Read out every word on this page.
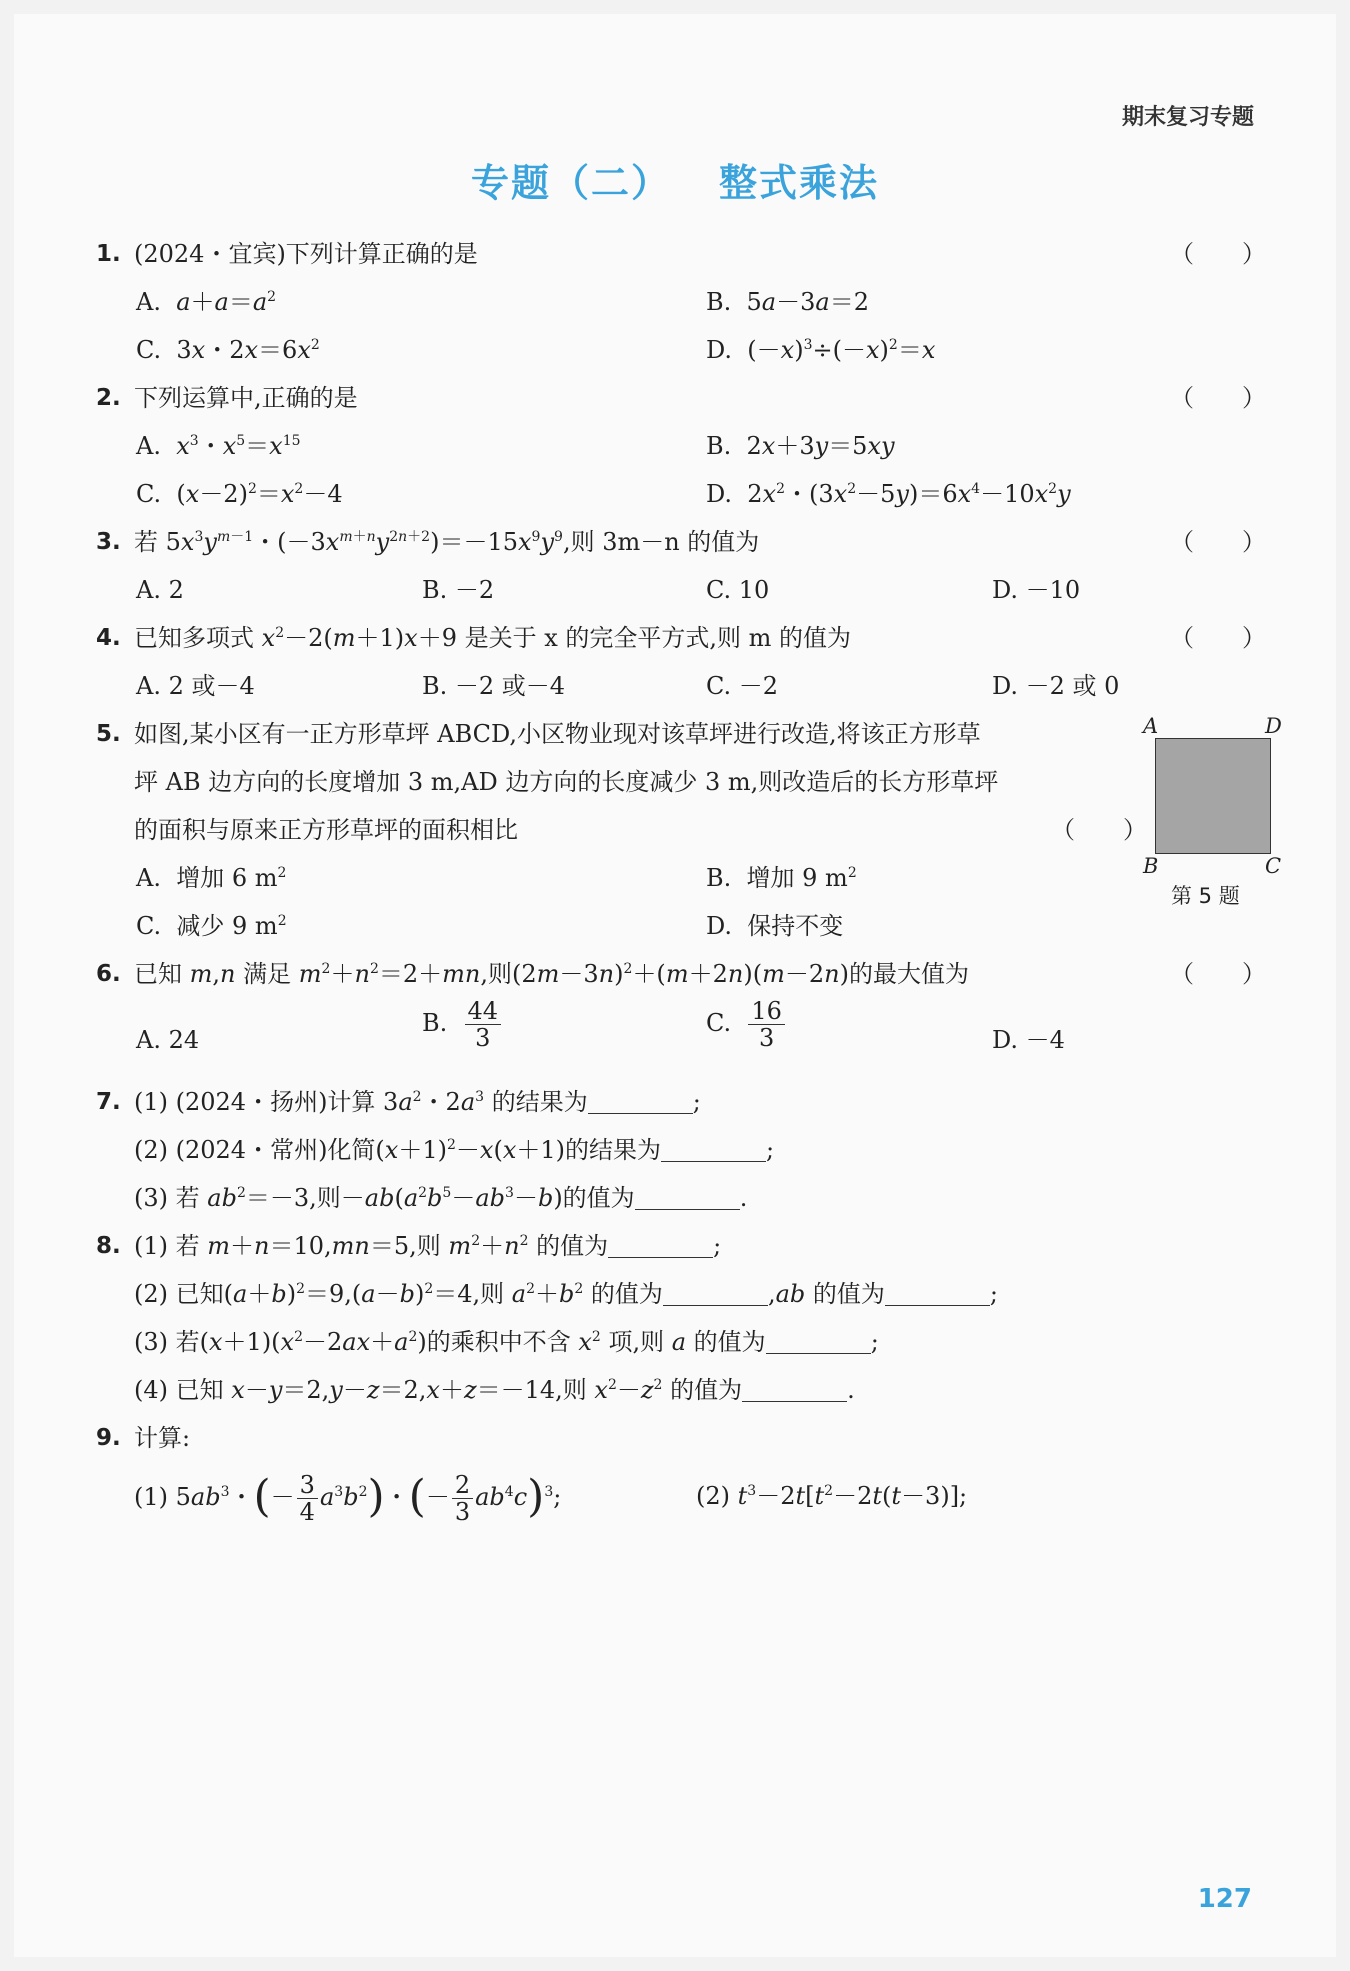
期末复习专题
专题（二） 整式乘法
1. (2024・宜宾)下列计算正确的是	（　　）
A.  $a+a=a^2$	B.  5a－3a＝2
C.  3x・$2x=6x^2$	D.  $(-x)^3\div(-x)^2=x$
2. 下列运算中,正确的是	（　　）
A.  $x^3$・$x^5=x^{15}$	B.  2x＋3y＝5xy
C.  $(x-2)^2=x^2-4$	D.  $2x^2$・$(3x^2-5y)=6x^4-10x^2y$
3. 若 $5x^3y^{m-1}$・$(-3x^{m+n}y^{2n+2})=-15x^9y^9$,则 3m－n 的值为	（　　）
A. 2	B. －2	C. 10	D. －10
4. 已知多项式 $x^2-2(m+1)x+9$ 是关于 x 的完全平方式,则 m 的值为	（　　）
A. 2 或－4	B. －2 或－4	C. －2	D. －2 或 0
5. 如图,某小区有一正方形草坪 ABCD,小区物业现对该草坪进行改造,将该正方形草
坪 AB 边方向的长度增加 3 m,AD 边方向的长度减少 3 m,则改造后的长方形草坪
的面积与原来正方形草坪的面积相比	（　　）
A.  增加 6 $m^2$	B.  增加 9 $m^2$
C.  减少 9 $m^2$	D.  保持不变
6. 已知 m,n 满足 $m^2+n^2=2+mn$,则$(2m-3n)^2+(m+2n)(m-2n)$的最大值为	（　　）
A. 24
B. $\frac{44}{3}$	C. $\frac{16}{3}$	D. －4
7. (1) (2024・扬州)计算 $3a^2$・$2a^3$ 的结果为	;
(2) (2024・常州)化简$(x+1)^2-x(x+1)$的结果为	;
(3) 若 $ab^2=-3$,则$-ab(a^2b^5-ab^3-b)$的值为	.
8. (1) 若 m＋n＝10,mn＝5,则 $m^2+n^2$ 的值为	;
(2) 已知$(a+b)^2=9,(a-b)^2=4$,则 $a^2+b^2$ 的值为	,ab 的值为	;
(3) 若$(x+1)(x^2-2ax+a^2)$的乘积中不含 $x^2$ 项,则 a 的值为	;
(4) 已知 x－y＝2,y－z＝2,x＋z＝－14,则 $x^2-z^2$ 的值为	.
9. 计算:
(1) $5ab^3$・(－ $\frac{3}{4} a^3b^2$)・(－ $\frac{2}{3} ab^4c)^3$;	(2) $t^3-2t[t^2-2t(t-3)]$;
A	D
B	C
第 5 题
127
